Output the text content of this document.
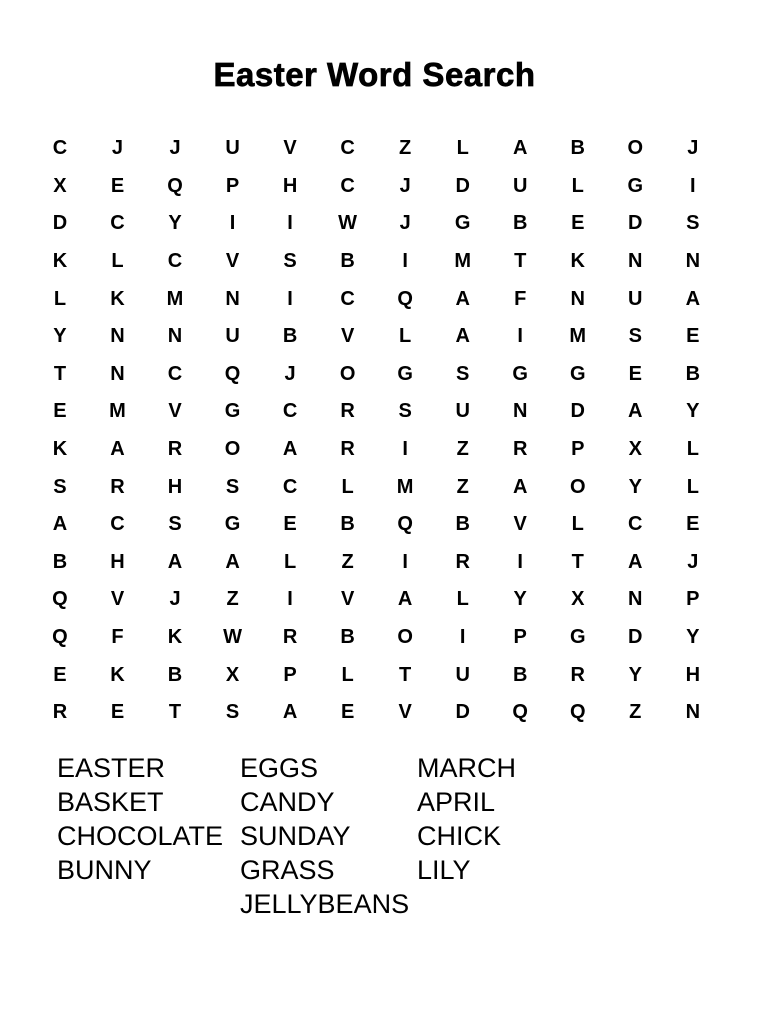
Easter Word Search
C	J	J	U	V	C	Z	L	A	B	O	J
X	E	Q	P	H	C	J	D	U	L	G	I
D	C	Y	I	I	W	J	G	B	E	D	S
K	L	C	V	S	B	I	M	T	K	N	N
L	K	M	N	I	C	Q	A	F	N	U	A
Y	N	N	U	B	V	L	A	I	M	S	E
T	N	C	Q	J	O	G	S	G	G	E	B
E	M	V	G	C	R	S	U	N	D	A	Y
K	A	R	O	A	R	I	Z	R	P	X	L
S	R	H	S	C	L	M	Z	A	O	Y	L
A	C	S	G	E	B	Q	B	V	L	C	E
B	H	A	A	L	Z	I	R	I	T	A	J
Q	V	J	Z	I	V	A	L	Y	X	N	P
Q	F	K	W	R	B	O	I	P	G	D	Y
E	K	B	X	P	L	T	U	B	R	Y	H
R	E	T	S	A	E	V	D	Q	Q	Z	N
EASTER
BASKET
CHOCOLATE
BUNNY
EGGS
CANDY
SUNDAY
GRASS
JELLYBEANS
MARCH
APRIL
CHICK
LILY
